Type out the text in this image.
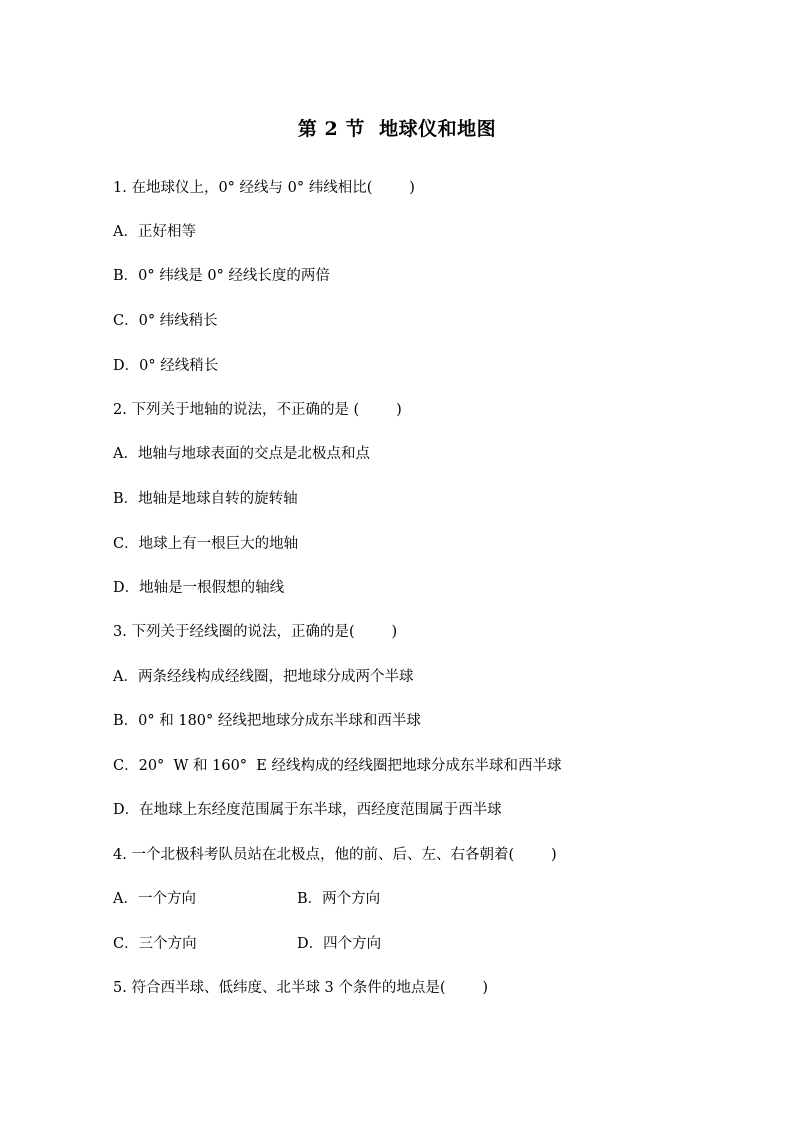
第 2 节  地球仪和地图
1. 在地球仪上，0° 经线与 0° 纬线相比(        )
A．正好相等
B．0° 纬线是 0° 经线长度的两倍
C．0° 纬线稍长
D．0° 经线稍长
2. 下列关于地轴的说法，不正确的是 (        )
A．地轴与地球表面的交点是北极点和点
B．地轴是地球自转的旋转轴
C．地球上有一根巨大的地轴
D．地轴是一根假想的轴线
3. 下列关于经线圈的说法，正确的是(        )
A．两条经线构成经线圈，把地球分成两个半球
B．0° 和 180° 经线把地球分成东半球和西半球
C．20°  W 和 160°  E 经线构成的经线圈把地球分成东半球和西半球
D．在地球上东经度范围属于东半球，西经度范围属于西半球
4. 一个北极科考队员站在北极点，他的前、后、左、右各朝着(        )
A．一个方向	B．两个方向
C．三个方向	D．四个方向
5. 符合西半球、低纬度、北半球 3 个条件的地点是(        )
